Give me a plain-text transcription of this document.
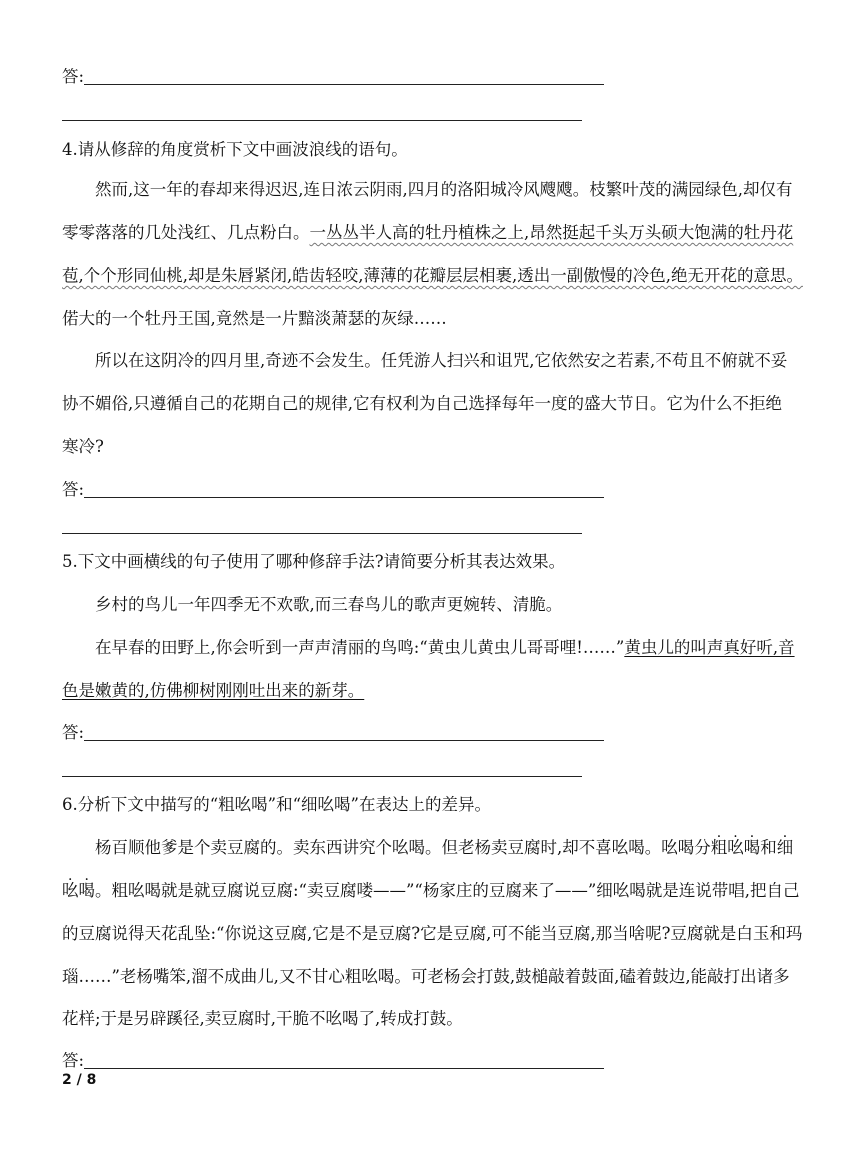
答:
4.请从修辞的角度赏析下文中画波浪线的语句。
然而,这一年的春却来得迟迟,连日浓云阴雨,四月的洛阳城冷风飕飕。枝繁叶茂的满园绿色,却仅有
零零落落的几处浅红、几点粉白。一丛丛半人高的牡丹植株之上,昂然挺起千头万头硕大饱满的牡丹花
苞,个个形同仙桃,却是朱唇紧闭,皓齿轻咬,薄薄的花瓣层层相裹,透出一副傲慢的冷色,绝无开花的意思。
偌大的一个牡丹王国,竟然是一片黯淡萧瑟的灰绿……
所以在这阴冷的四月里,奇迹不会发生。任凭游人扫兴和诅咒,它依然安之若素,不苟且不俯就不妥
协不媚俗,只遵循自己的花期自己的规律,它有权利为自己选择每年一度的盛大节日。它为什么不拒绝
寒冷?
答:
5.下文中画横线的句子使用了哪种修辞手法?请简要分析其表达效果。
乡村的鸟儿一年四季无不欢歌,而三春鸟儿的歌声更婉转、清脆。
在早春的田野上,你会听到一声声清丽的鸟鸣:“黄虫儿黄虫儿哥哥哩!……”黄虫儿的叫声真好听,音
色是嫩黄的,仿佛柳树刚刚吐出来的新芽。
答:
6.分析下文中描写的“粗吆喝”和“细吆喝”在表达上的差异。
杨百顺他爹是个卖豆腐的。卖东西讲究个吆喝。但老杨卖豆腐时,却不喜吆喝。吆喝分粗吆喝和细
吆喝。粗吆喝就是就豆腐说豆腐:“卖豆腐喽——”“杨家庄的豆腐来了——”细吆喝就是连说带唱,把自己
的豆腐说得天花乱坠:“你说这豆腐,它是不是豆腐?它是豆腐,可不能当豆腐,那当啥呢?豆腐就是白玉和玛
瑙……”老杨嘴笨,溜不成曲儿,又不甘心粗吆喝。可老杨会打鼓,鼓槌敲着鼓面,磕着鼓边,能敲打出诸多
花样;于是另辟蹊径,卖豆腐时,干脆不吆喝了,转成打鼓。
答:
2 / 8
